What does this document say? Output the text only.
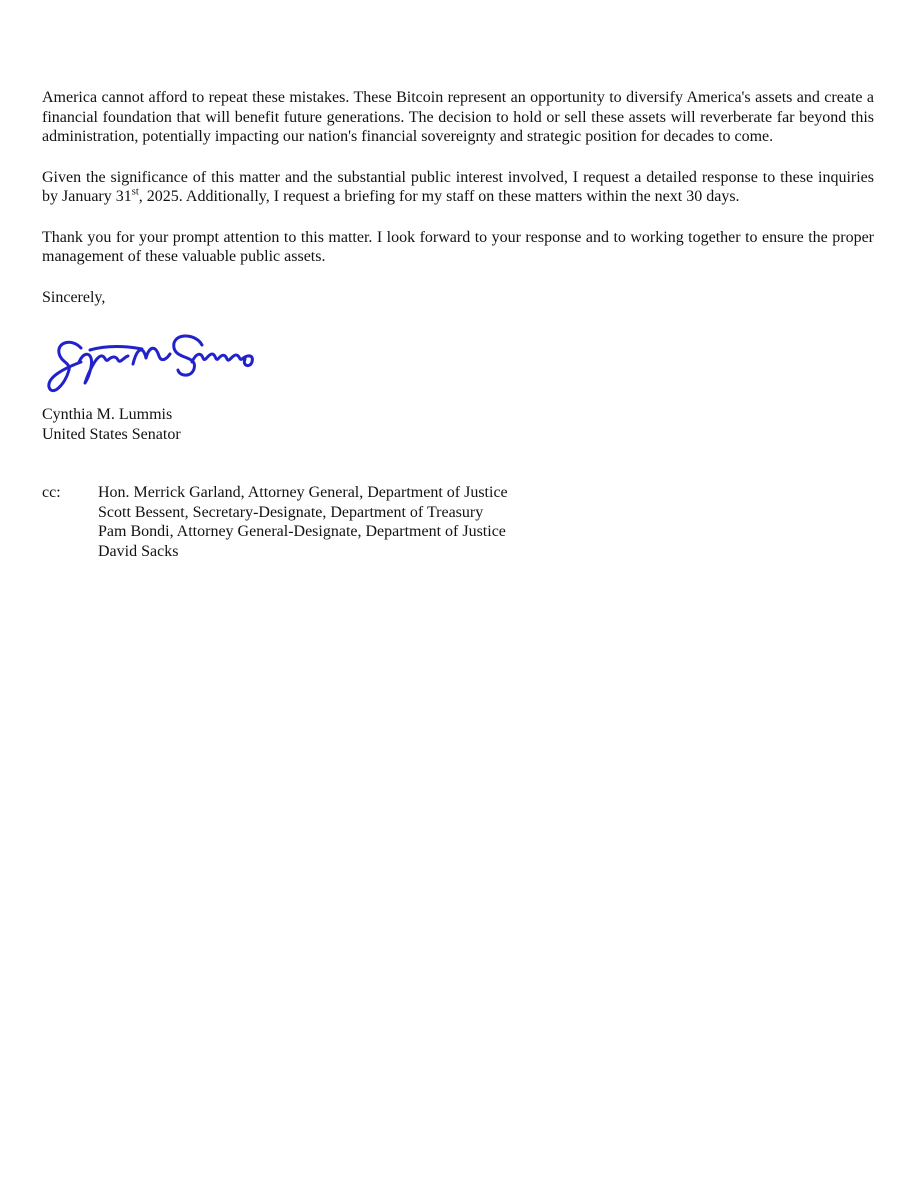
America cannot afford to repeat these mistakes. These Bitcoin represent an opportunity to diversify America's assets and create a financial foundation that will benefit future generations. The decision to hold or sell these assets will reverberate far beyond this administration, potentially impacting our nation's financial sovereignty and strategic position for decades to come.

Given the significance of this matter and the substantial public interest involved, I request a detailed response to these inquiries by January 31st, 2025. Additionally, I request a briefing for my staff on these matters within the next 30 days.

Thank you for your prompt attention to this matter. I look forward to your response and to working together to ensure the proper management of these valuable public assets.

Sincerely,
Cynthia M. Lummis
United States Senator
cc:	Hon. Merrick Garland, Attorney General, Department of Justice
Scott Bessent, Secretary-Designate, Department of Treasury
Pam Bondi, Attorney General-Designate, Department of Justice
David Sacks
